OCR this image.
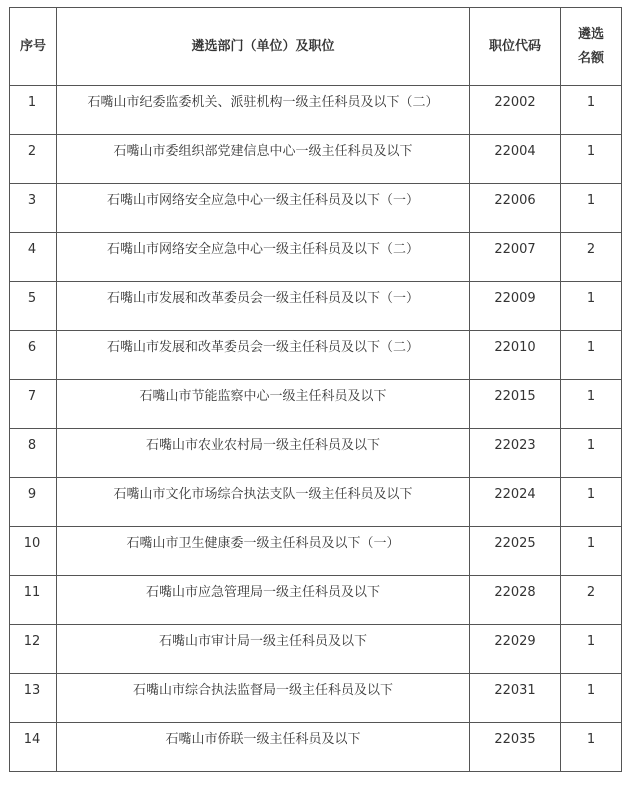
序号	遴选部门（单位）及职位	职位代码	遴选
名额

1	石嘴山市纪委监委机关、派驻机构一级主任科员及以下（二）	22002	1
2	石嘴山市委组织部党建信息中心一级主任科员及以下	22004	1
3	石嘴山市网络安全应急中心一级主任科员及以下（一）	22006	1
4	石嘴山市网络安全应急中心一级主任科员及以下（二）	22007	2
5	石嘴山市发展和改革委员会一级主任科员及以下（一）	22009	1
6	石嘴山市发展和改革委员会一级主任科员及以下（二）	22010	1
7	石嘴山市节能监察中心一级主任科员及以下	22015	1
8	石嘴山市农业农村局一级主任科员及以下	22023	1
9	石嘴山市文化市场综合执法支队一级主任科员及以下	22024	1
10	石嘴山市卫生健康委一级主任科员及以下（一）	22025	1
11	石嘴山市应急管理局一级主任科员及以下	22028	2
12	石嘴山市审计局一级主任科员及以下	22029	1
13	石嘴山市综合执法监督局一级主任科员及以下	22031	1
14	石嘴山市侨联一级主任科员及以下	22035	1
